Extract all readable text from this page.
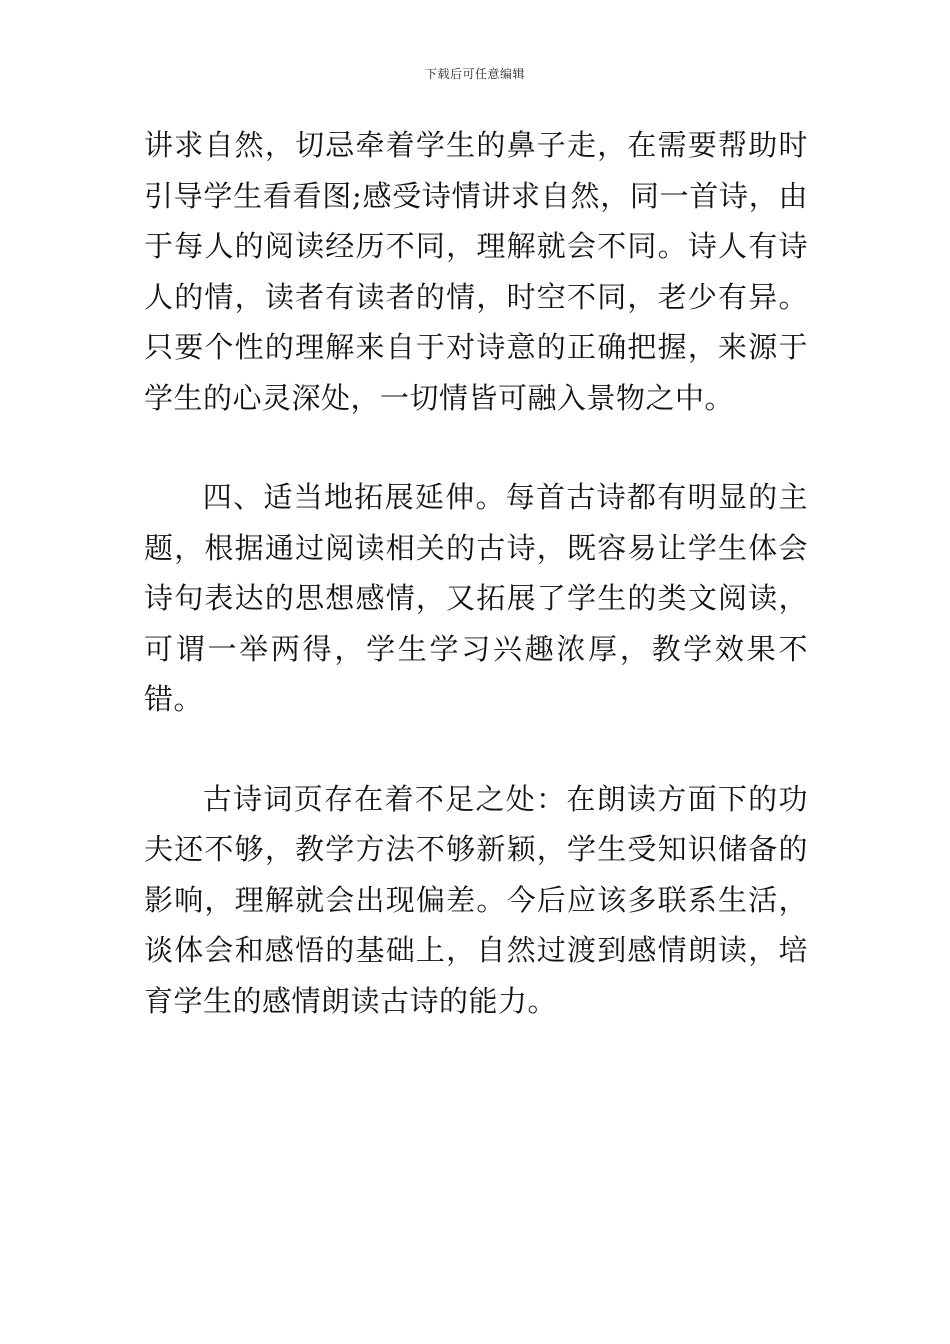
下载后可任意编辑

讲求自然，切忌牵着学生的鼻子走，在需要帮助时引导学生看看图;感受诗情讲求自然，同一首诗，由于每人的阅读经历不同，理解就会不同。诗人有诗人的情，读者有读者的情，时空不同，老少有异。只要个性的理解来自于对诗意的正确把握，来源于学生的心灵深处，一切情皆可融入景物之中。

四、适当地拓展延伸。每首古诗都有明显的主题，根据通过阅读相关的古诗，既容易让学生体会诗句表达的思想感情，又拓展了学生的类文阅读，可谓一举两得，学生学习兴趣浓厚，教学效果不错。

古诗词页存在着不足之处：在朗读方面下的功夫还不够，教学方法不够新颖，学生受知识储备的影响，理解就会出现偏差。今后应该多联系生活，谈体会和感悟的基础上，自然过渡到感情朗读，培育学生的感情朗读古诗的能力。
